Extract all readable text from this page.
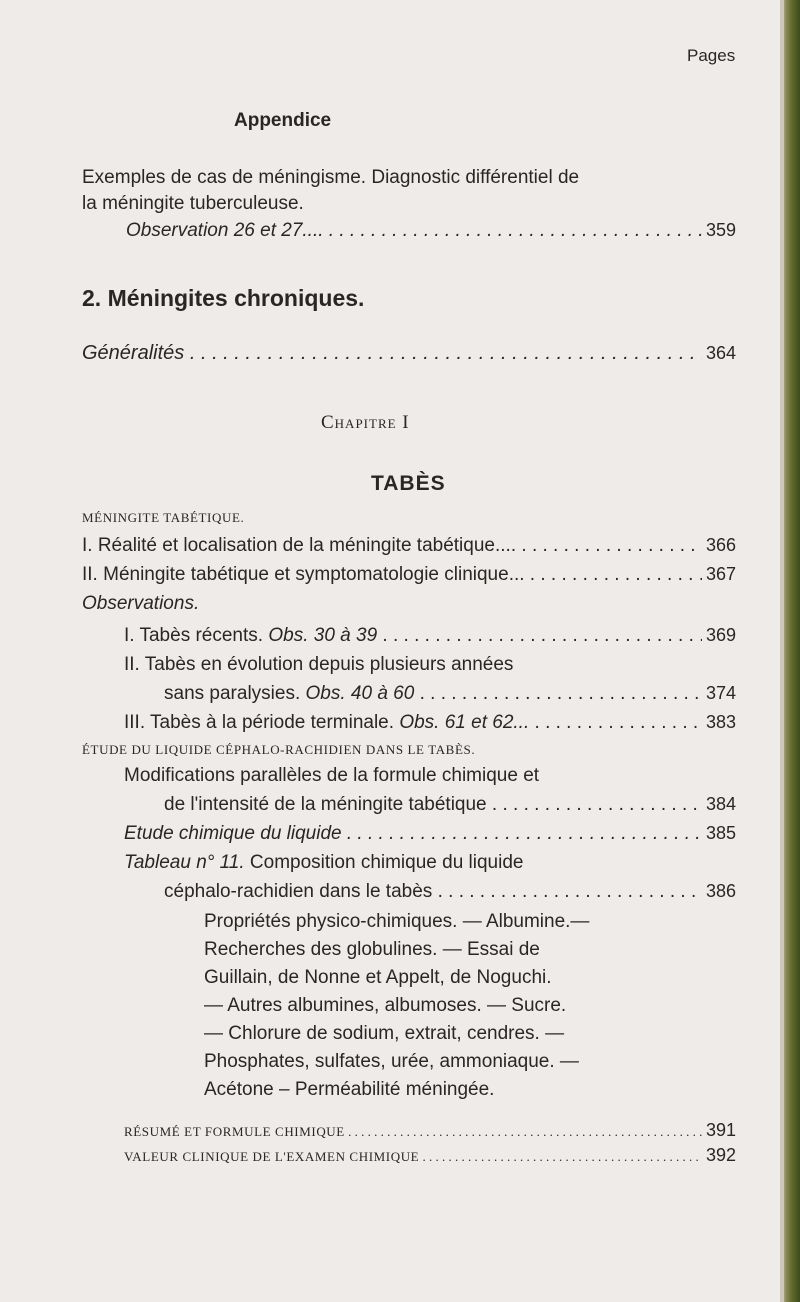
Pages
Appendice
Exemples de cas de méningisme. Diagnostic différentiel de
la méningite tuberculeuse.
Observation 26 et 27.... . . .	359
2. Méningites chroniques.
Généralités . . .	364
Chapitre I
TABÈS
MÉNINGITE TABÉTIQUE.
I. Réalité et localisation de la méningite tabétique.... . . .	366
II. Méningite tabétique et symptomatologie clinique... . . .	367
Observations.
I. Tabès récents. Obs. 30 à 39 . . .	369
II. Tabès en évolution depuis plusieurs années
sans paralysies. Obs. 40 à 60 . . .	374
III. Tabès à la période terminale. Obs. 61 et 62... . . .	383
ÉTUDE DU LIQUIDE CÉPHALO-RACHIDIEN DANS LE TABÈS.
Modifications parallèles de la formule chimique et
de l'intensité de la méningite tabétique . . .	384
Etude chimique du liquide . . .	385
Tableau n° 11. Composition chimique du liquide
céphalo-rachidien dans le tabès . . .	386
Propriétés physico-chimiques. — Albumine.—
Recherches des globulines. — Essai de
Guillain, de Nonne et Appelt, de Noguchi.
— Autres albumines, albumoses. — Sucre.
— Chlorure de sodium, extrait, cendres. —
Phosphates, sulfates, urée, ammoniaque. —
Acétone – Perméabilité méningée.
RÉSUMÉ ET FORMULE CHIMIQUE . . .	391
VALEUR CLINIQUE DE L'EXAMEN CHIMIQUE . . .	392
